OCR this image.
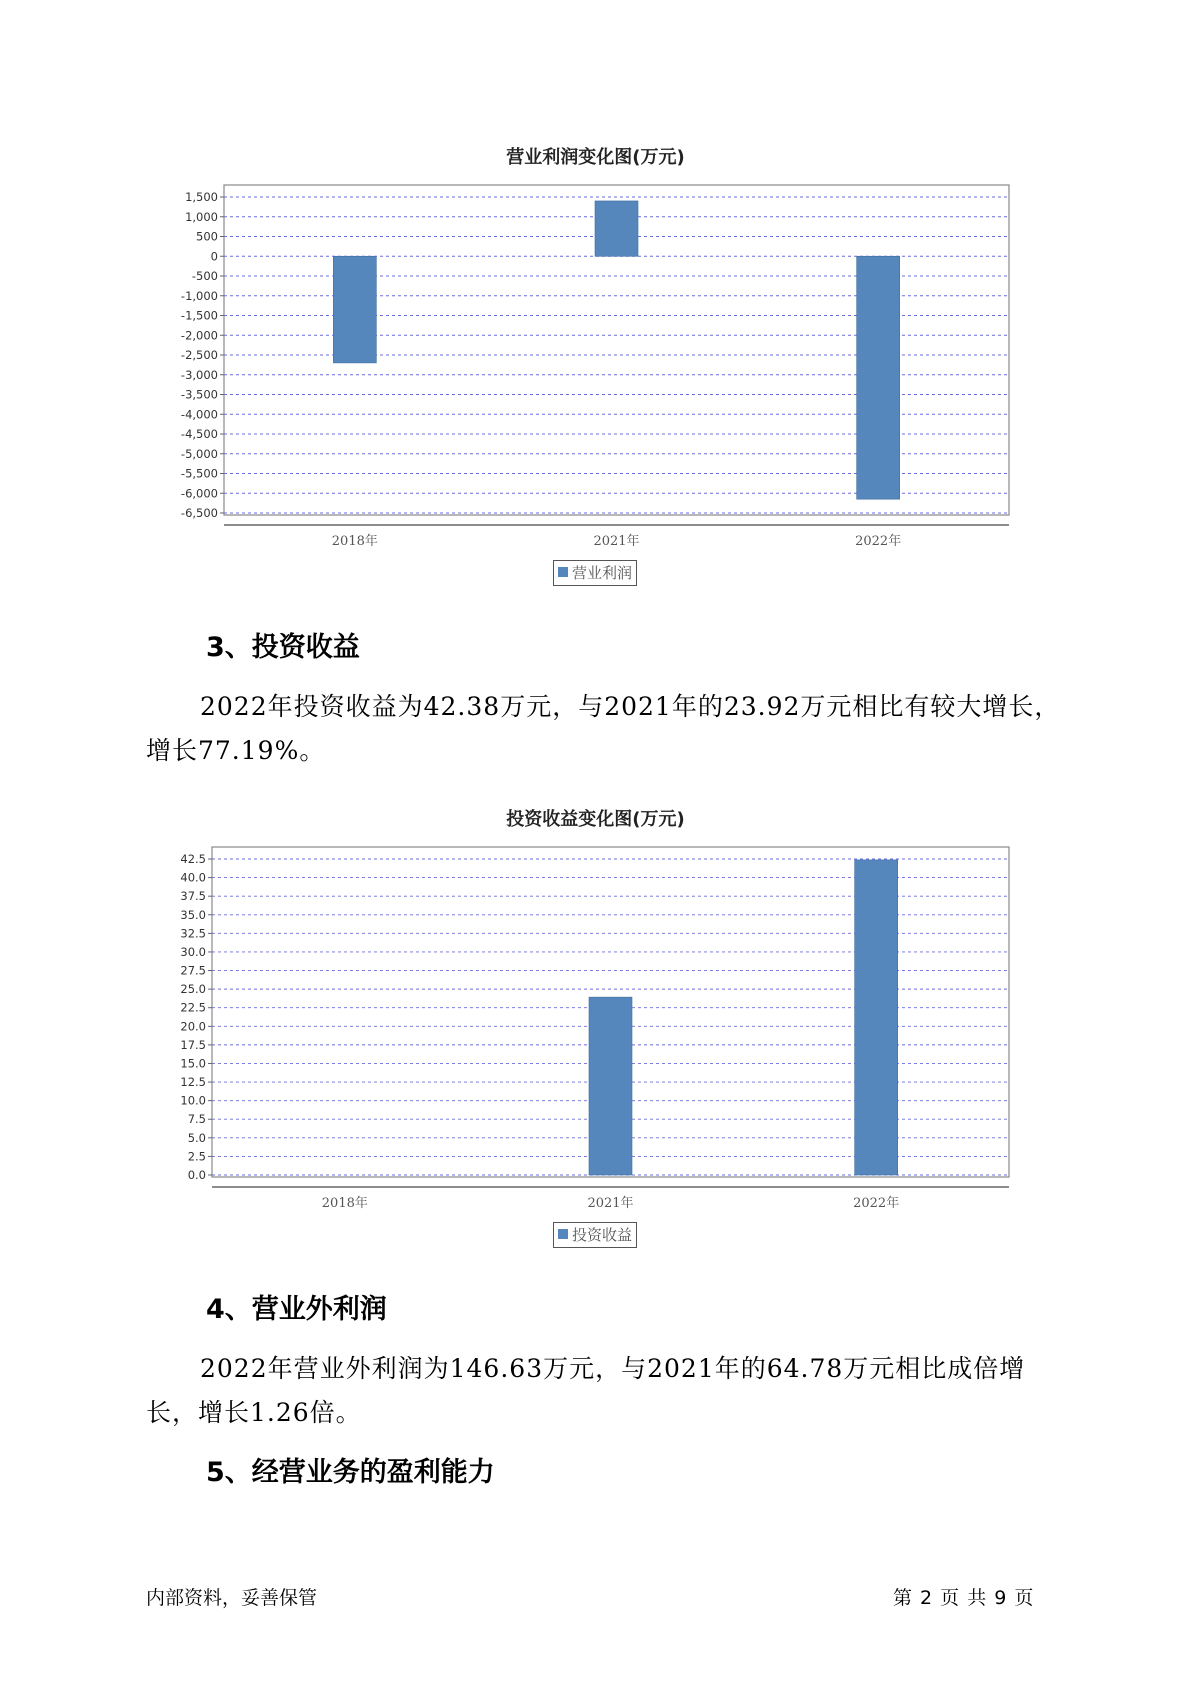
营业利润变化图(万元)
1,500
1,000
500
0
-500
-1,000
-1,500
-2,000
-2,500
-3,000
-3,500
-4,000
-4,500
-5,000
-5,500
-6,000
-6,500
2018年	2021年	2022年
营业利润
3、投资收益
2022年投资收益为42.38万元，与2021年的23.92万元相比有较大增长，增长77.19%。
投资收益变化图(万元)
42.5
40.0
37.5
35.0
32.5
30.0
27.5
25.0
22.5
20.0
17.5
15.0
12.5
10.0
7.5
5.0
2.5
0.0
2018年	2021年	2022年
投资收益
4、营业外利润
2022年营业外利润为146.63万元，与2021年的64.78万元相比成倍增长，增长1.26倍。
5、经营业务的盈利能力
内部资料，妥善保管	第 2 页 共 9 页
